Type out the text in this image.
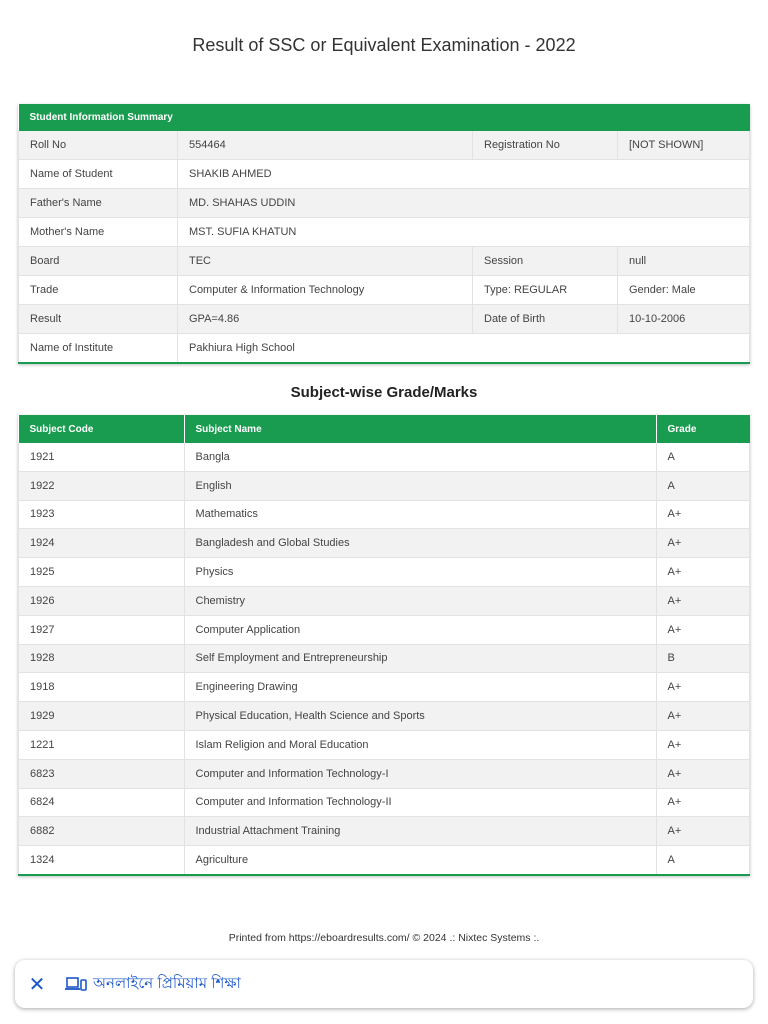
Result of SSC or Equivalent Examination - 2022
Student Information Summary			
Roll No	554464	Registration No	[NOT SHOWN]
Name of Student	SHAKIB AHMED		
Father's Name	MD. SHAHAS UDDIN		
Mother's Name	MST. SUFIA KHATUN		
Board	TEC	Session	null
Trade	Computer & Information Technology	Type: REGULAR	Gender: Male
Result	GPA=4.86	Date of Birth	10-10-2006
Name of Institute	Pakhiura High School		
Subject-wise Grade/Marks
Subject Code	Subject Name	Grade
1921	Bangla	A
1922	English	A
1923	Mathematics	A+
1924	Bangladesh and Global Studies	A+
1925	Physics	A+
1926	Chemistry	A+
1927	Computer Application	A+
1928	Self Employment and Entrepreneurship	B
1918	Engineering Drawing	A+
1929	Physical Education, Health Science and Sports	A+
1221	Islam Religion and Moral Education	A+
6823	Computer and Information Technology-I	A+
6824	Computer and Information Technology-II	A+
6882	Industrial Attachment Training	A+
1324	Agriculture	A
Printed from https://eboardresults.com/ © 2024 .: Nixtec Systems :.
✕	অনলাইনে প্রিমিয়াম শিক্ষা
